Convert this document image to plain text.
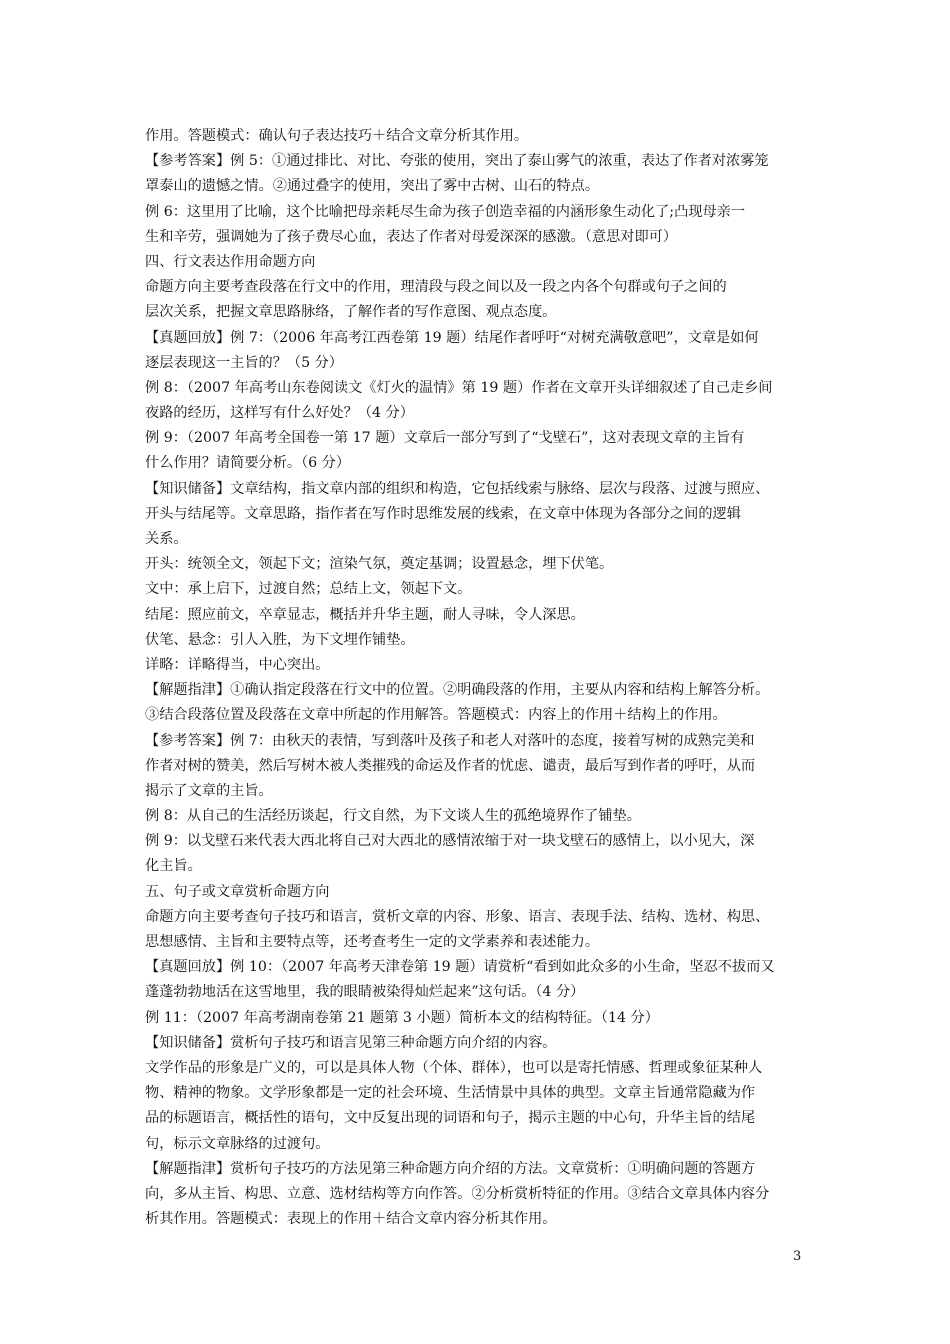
作用。答题模式：确认句子表达技巧＋结合文章分析其作用。
【参考答案】例 5：①通过排比、对比、夸张的使用，突出了泰山雾气的浓重，表达了作者对浓雾笼
罩泰山的遗憾之情。②通过叠字的使用，突出了雾中古树、山石的特点。
例 6：这里用了比喻，这个比喻把母亲耗尽生命为孩子创造幸福的内涵形象生动化了;凸现母亲一
生和辛劳，强调她为了孩子费尽心血，表达了作者对母爱深深的感激。（意思对即可）
四、行文表达作用命题方向
命题方向主要考查段落在行文中的作用，理清段与段之间以及一段之内各个句群或句子之间的
层次关系，把握文章思路脉络，了解作者的写作意图、观点态度。
【真题回放】例 7：（2006 年高考江西卷第 19 题）结尾作者呼吁“对树充满敬意吧”，文章是如何
逐层表现这一主旨的？（5 分）
例 8：（2007 年高考山东卷阅读文《灯火的温情》第 19 题）作者在文章开头详细叙述了自己走乡间
夜路的经历，这样写有什么好处？（4 分）
例 9：（2007 年高考全国卷一第 17 题）文章后一部分写到了“戈壁石”，这对表现文章的主旨有
什么作用？请简要分析。（6 分）
【知识储备】文章结构，指文章内部的组织和构造，它包括线索与脉络、层次与段落、过渡与照应、
开头与结尾等。文章思路，指作者在写作时思维发展的线索，在文章中体现为各部分之间的逻辑
关系。
开头：统领全文，领起下文；渲染气氛，奠定基调；设置悬念，埋下伏笔。
文中：承上启下，过渡自然；总结上文，领起下文。
结尾：照应前文，卒章显志，概括并升华主题，耐人寻味，令人深思。
伏笔、悬念：引人入胜，为下文埋作铺垫。
详略：详略得当，中心突出。
【解题指津】①确认指定段落在行文中的位置。②明确段落的作用，主要从内容和结构上解答分析。
③结合段落位置及段落在文章中所起的作用解答。答题模式：内容上的作用＋结构上的作用。
【参考答案】例 7：由秋天的表情，写到落叶及孩子和老人对落叶的态度，接着写树的成熟完美和
作者对树的赞美，然后写树木被人类摧残的命运及作者的忧虑、谴责，最后写到作者的呼吁，从而
揭示了文章的主旨。
例 8：从自己的生活经历谈起，行文自然，为下文谈人生的孤绝境界作了铺垫。
例 9：以戈壁石来代表大西北将自己对大西北的感情浓缩于对一块戈壁石的感情上，以小见大，深
化主旨。
五、句子或文章赏析命题方向
命题方向主要考查句子技巧和语言，赏析文章的内容、形象、语言、表现手法、结构、选材、构思、
思想感情、主旨和主要特点等，还考查考生一定的文学素养和表述能力。
【真题回放】例 10：（2007 年高考天津卷第 19 题）请赏析“看到如此众多的小生命，坚忍不拔而又
蓬蓬勃勃地活在这雪地里，我的眼睛被染得灿烂起来”这句话。（4 分）
例 11：（2007 年高考湖南卷第 21 题第 3 小题）简析本文的结构特征。（14 分）
【知识储备】赏析句子技巧和语言见第三种命题方向介绍的内容。
文学作品的形象是广义的，可以是具体人物（个体、群体），也可以是寄托情感、哲理或象征某种人
物、精神的物象。文学形象都是一定的社会环境、生活情景中具体的典型。文章主旨通常隐藏为作
品的标题语言，概括性的语句，文中反复出现的词语和句子，揭示主题的中心句，升华主旨的结尾
句，标示文章脉络的过渡句。
【解题指津】赏析句子技巧的方法见第三种命题方向介绍的方法。文章赏析：①明确问题的答题方
向，多从主旨、构思、立意、选材结构等方向作答。②分析赏析特征的作用。③结合文章具体内容分
析其作用。答题模式：表现上的作用＋结合文章内容分析其作用。
3
